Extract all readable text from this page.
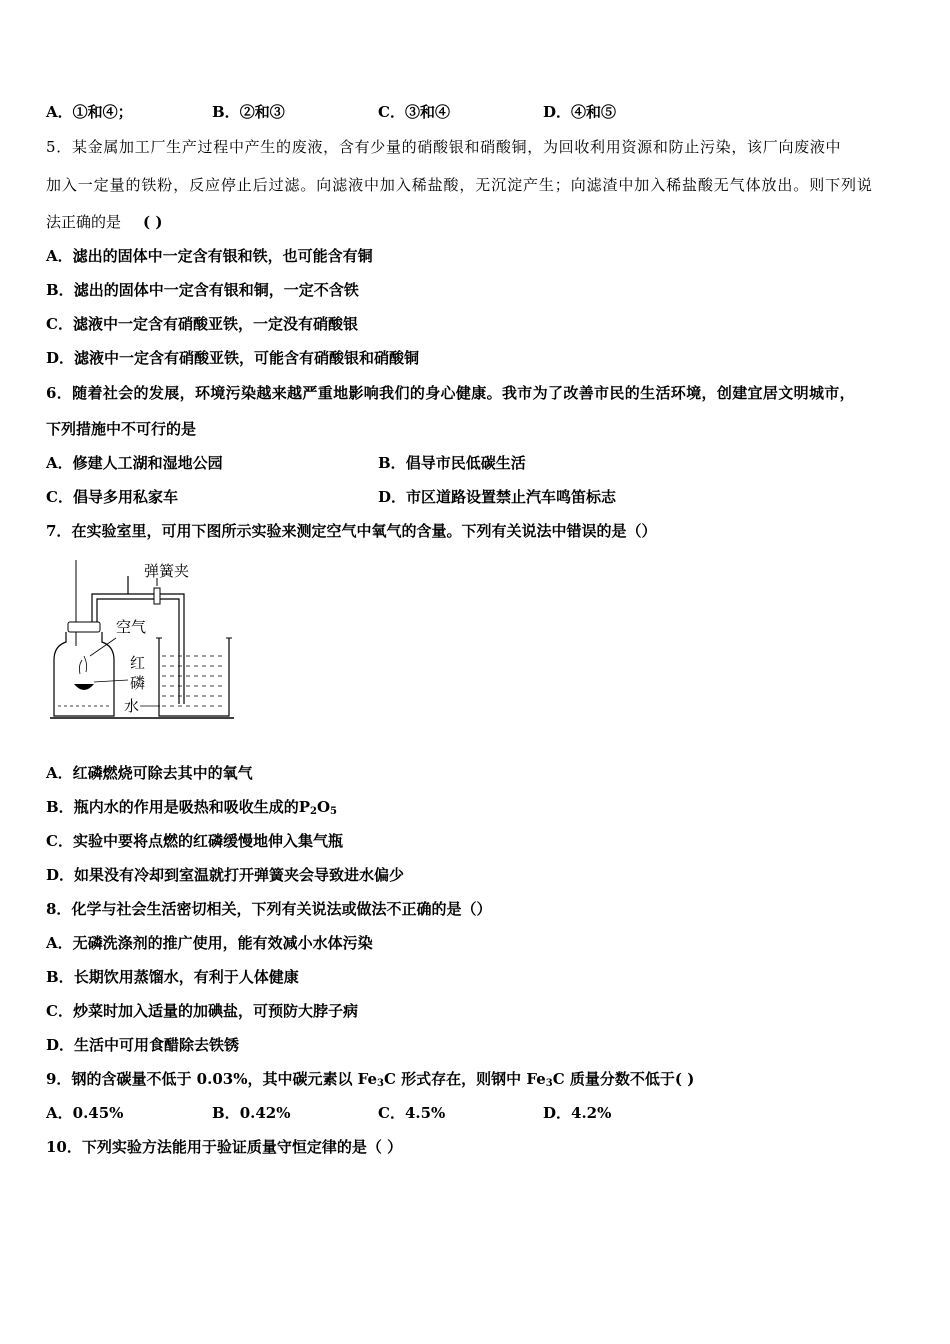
A．①和④；	B．②和③	C．③和④	D．④和⑤
5．某金属加工厂生产过程中产生的废液，含有少量的硝酸银和硝酸铜，为回收利用资源和防止污染，该厂向废液中
加入一定量的铁粉，反应停止后过滤。向滤液中加入稀盐酸，无沉淀产生；向滤渣中加入稀盐酸无气体放出。则下列说
法正确的是 ( )
A．滤出的固体中一定含有银和铁，也可能含有铜
B．滤出的固体中一定含有银和铜，一定不含铁
C．滤液中一定含有硝酸亚铁，一定没有硝酸银
D．滤液中一定含有硝酸亚铁，可能含有硝酸银和硝酸铜
6．随着社会的发展，环境污染越来越严重地影响我们的身心健康。我市为了改善市民的生活环境，创建宜居文明城市，
下列措施中不可行的是
A．修建人工湖和湿地公园	B．倡导市民低碳生活
C．倡导多用私家车	D．市区道路设置禁止汽车鸣笛标志
7．在实验室里，可用下图所示实验来测定空气中氧气的含量。下列有关说法中错误的是（）
弹簧夹
空气
红
磷
水
A．红磷燃烧可除去其中的氧气
B．瓶内水的作用是吸热和吸收生成的$P_2O_5$
C．实验中要将点燃的红磷缓慢地伸入集气瓶
D．如果没有冷却到室温就打开弹簧夹会导致进水偏少
8．化学与社会生活密切相关，下列有关说法或做法不正确的是（）
A．无磷洗涤剂的推广使用，能有效减小水体污染
B．长期饮用蒸馏水，有利于人体健康
C．炒菜时加入适量的加碘盐，可预防大脖子病
D．生活中可用食醋除去铁锈
9．钢的含碳量不低于 0.03%，其中碳元素以 $Fe_3C$ 形式存在，则钢中 $Fe_3C$ 质量分数不低于( )
A．0.45%	B．0.42%	C．4.5%	D．4.2%
10．下列实验方法能用于验证质量守恒定律的是（ ）
